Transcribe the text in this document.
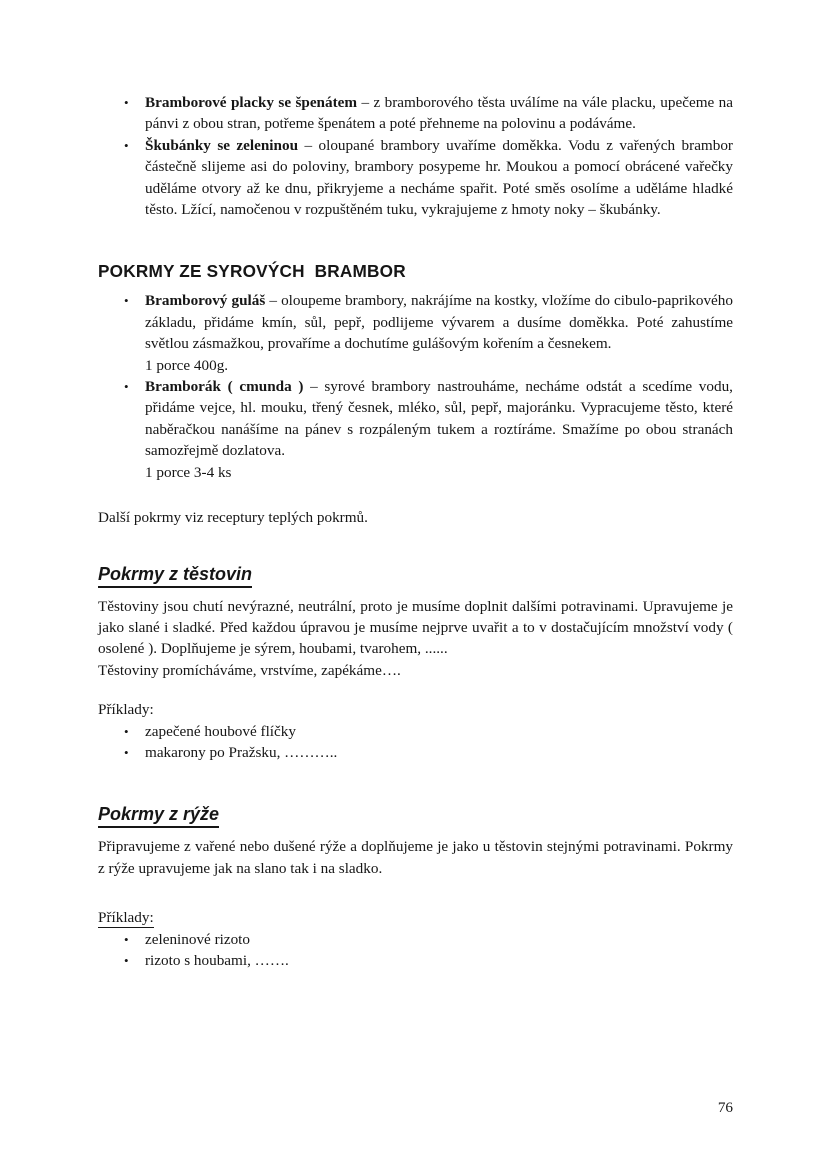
• Bramborové placky se špenátem – z bramborového těsta uválíme na vále placku, upečeme na pánvi z obou stran, potřeme špenátem a poté přehneme na polovinu a podáváme.
• Škubánky se zeleninou – oloupané brambory uvaříme doměkka. Vodu z vařených brambor částečně slijeme asi do poloviny, brambory posypeme hr. Moukou a pomocí obrácené vařečky uděláme otvory až ke dnu, přikryjeme a necháme spařit. Poté směs osolíme a uděláme hladké těsto. Lžící, namočenou v rozpuštěném tuku, vykrajujeme z hmoty noky – škubánky.
POKRMY ZE SYROVÝCH  BRAMBOR
• Bramborový guláš – oloupeme brambory, nakrájíme na kostky, vložíme do cibulo-paprikového základu, přidáme kmín, sůl, pepř, podlijeme vývarem a dusíme doměkka. Poté zahustíme světlou zásmažkou, provaříme a dochutíme gulášovým kořením a česnekem.
1 porce 400g.
• Bramborák ( cmunda ) – syrové brambory nastrouháme, necháme odstát a scedíme vodu, přidáme vejce, hl. mouku, třený česnek, mléko, sůl, pepř, majoránku. Vypracujeme těsto, které naběračkou nanášíme na pánev s rozpáleným tukem a roztíráme. Smažíme po obou stranách samozřejmě dozlatova.
1 porce 3-4 ks

Další pokrmy viz receptury teplých pokrmů.

Pokrmy z těstovin

Těstoviny jsou chutí nevýrazné, neutrální, proto je musíme doplnit dalšími potravinami. Upravujeme je jako slané i sladké. Před každou úpravou je musíme nejprve uvařit a to v dostačujícím množství vody ( osolené ). Doplňujeme je sýrem, houbami, tvarohem, ......

Těstoviny promícháváme, vrstvíme, zapékáme….

Příklady:

• zapečené houbové flíčky
• makarony po Pražsku, ………..
Pokrmy z rýže

Připravujeme z vařené nebo dušené rýže a doplňujeme je jako u těstovin stejnými potravinami. Pokrmy z rýže upravujeme jak na slano tak i na sladko.

Příklady:

• zeleninové rizoto
• rizoto s houbami, …….
76
